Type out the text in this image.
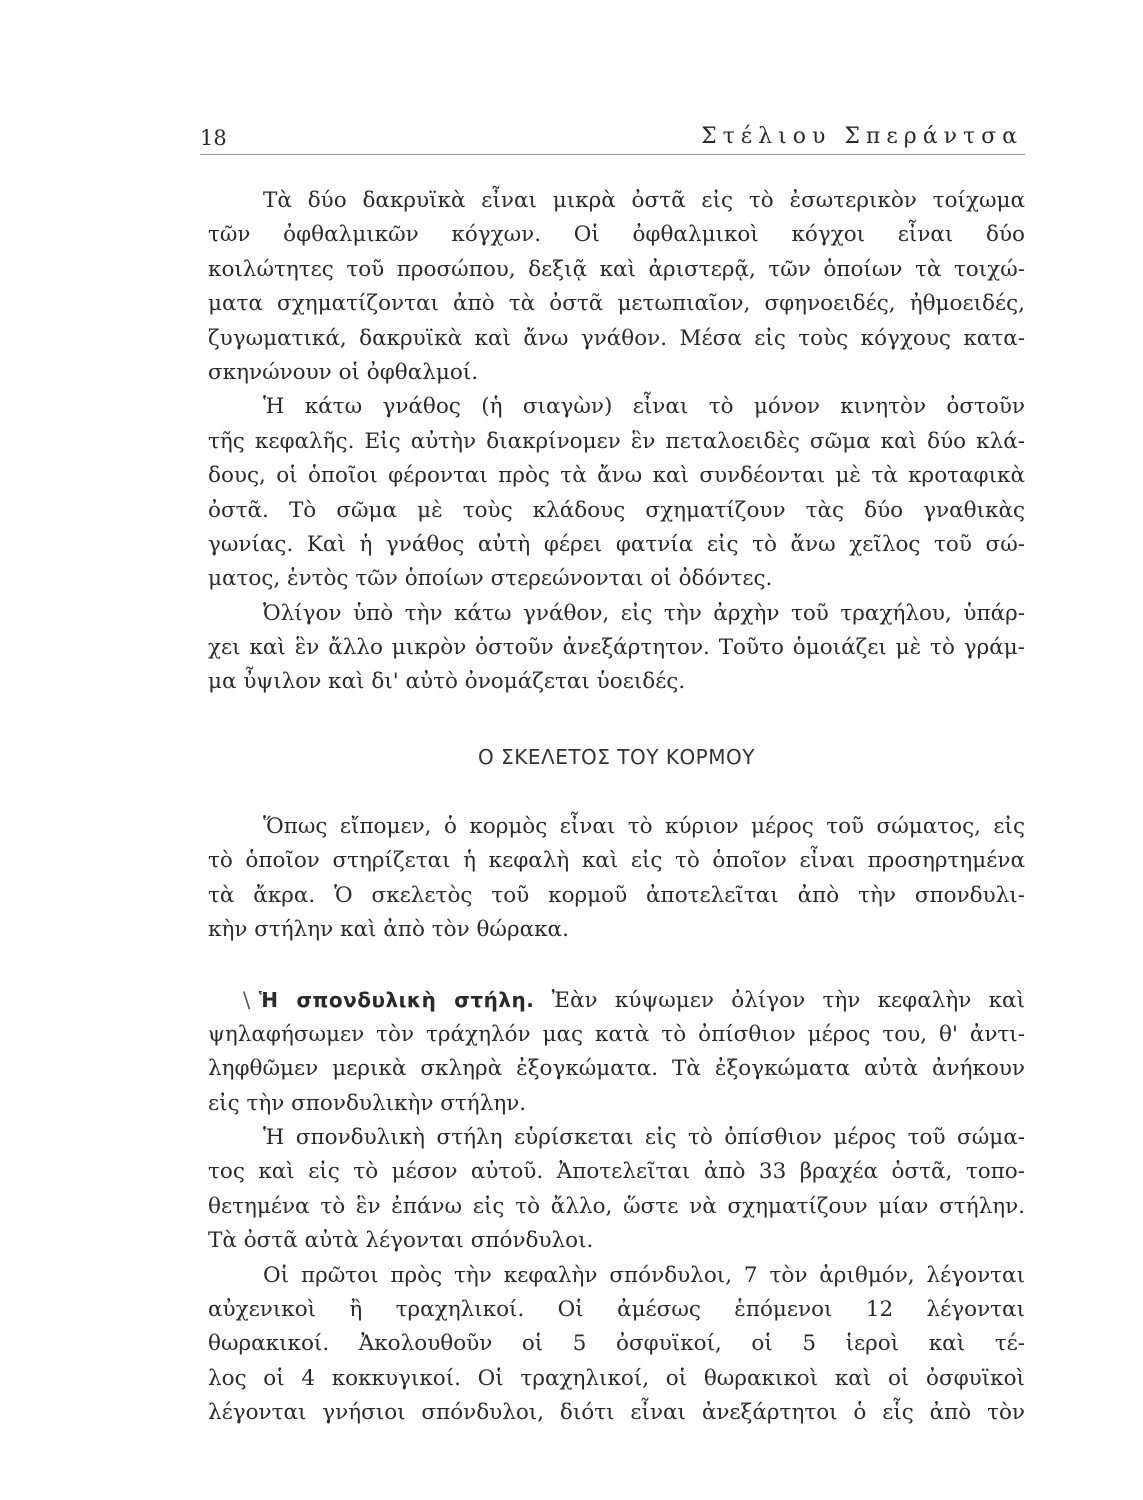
18	Στέλιου Σπεράντσα
Τὰ δύο δακρυϊκὰ εἶναι μικρὰ ὀστᾶ εἰς τὸ ἐσωτερικὸν τοίχωμα
τῶν ὀφθαλμικῶν κόγχων. Οἱ ὀφθαλμικοὶ κόγχοι εἶναι δύο
κοιλώτητες τοῦ προσώπου, δεξιᾷ καὶ ἀριστερᾷ, τῶν ὁποίων τὰ τοιχώ-
ματα σχηματίζονται ἀπὸ τὰ ὀστᾶ μετωπιαῖον, σφηνοειδές, ἠθμοειδές,
ζυγωματικά, δακρυϊκὰ καὶ ἄνω γνάθον. Μέσα εἰς τοὺς κόγχους κατα-
σκηνώνουν οἱ ὀφθαλμοί.
Ἡ κάτω γνάθος (ἡ σιαγὼν) εἶναι τὸ μόνον κινητὸν ὀστοῦν
τῆς κεφαλῆς. Εἰς αὐτὴν διακρίνομεν ἓν πεταλοειδὲς σῶμα καὶ δύο κλά-
δους, οἱ ὁποῖοι φέρονται πρὸς τὰ ἄνω καὶ συνδέονται μὲ τὰ κροταφικὰ
ὀστᾶ. Τὸ σῶμα μὲ τοὺς κλάδους σχηματίζουν τὰς δύο γναθικὰς
γωνίας. Καὶ ἡ γνάθος αὐτὴ φέρει φατνία εἰς τὸ ἄνω χεῖλος τοῦ σώ-
ματος, ἐντὸς τῶν ὁποίων στερεώνονται οἱ ὀδόντες.
Ὀλίγον ὑπὸ τὴν κάτω γνάθον, εἰς τὴν ἀρχὴν τοῦ τραχήλου, ὑπάρ-
χει καὶ ἓν ἄλλο μικρὸν ὀστοῦν ἀνεξάρτητον. Τοῦτο ὁμοιάζει μὲ τὸ γράμ-
μα ὖψιλον καὶ δι' αὐτὸ ὀνομάζεται ὑοειδές.
Ο ΣΚΕΛΕΤΟΣ ΤΟΥ ΚΟΡΜΟΥ
Ὅπως εἴπομεν, ὁ κορμὸς εἶναι τὸ κύριον μέρος τοῦ σώματος, εἰς
τὸ ὁποῖον στηρίζεται ἡ κεφαλὴ καὶ εἰς τὸ ὁποῖον εἶναι προσηρτημένα
τὰ ἄκρα. Ὁ σκελετὸς τοῦ κορμοῦ ἀποτελεῖται ἀπὸ τὴν σπονδυλι-
κὴν στήλην καὶ ἀπὸ τὸν θώρακα.
\ Ἡ σπονδυλικὴ στήλη. Ἐὰν κύψωμεν ὀλίγον τὴν κεφαλὴν καὶ
ψηλαφήσωμεν τὸν τράχηλόν μας κατὰ τὸ ὀπίσθιον μέρος του, θ' ἀντι-
ληφθῶμεν μερικὰ σκληρὰ ἐξογκώματα. Τὰ ἐξογκώματα αὐτὰ ἀνήκουν
εἰς τὴν σπονδυλικὴν στήλην.
Ἡ σπονδυλικὴ στήλη εὑρίσκεται εἰς τὸ ὀπίσθιον μέρος τοῦ σώμα-
τος καὶ εἰς τὸ μέσον αὐτοῦ. Ἀποτελεῖται ἀπὸ 33 βραχέα ὀστᾶ, τοπο-
θετημένα τὸ ἓν ἐπάνω εἰς τὸ ἄλλο, ὥστε νὰ σχηματίζουν μίαν στήλην.
Τὰ ὀστᾶ αὐτὰ λέγονται σπόνδυλοι.
Οἱ πρῶτοι πρὸς τὴν κεφαλὴν σπόνδυλοι, 7 τὸν ἀριθμόν, λέγονται
αὐχενικοὶ ἢ τραχηλικοί. Οἱ ἀμέσως ἑπόμενοι 12 λέγονται
θωρακικοί. Ἀκολουθοῦν οἱ 5 ὀσφυϊκοί, οἱ 5 ἱεροὶ καὶ τέ-
λος οἱ 4 κοκκυγικοί. Οἱ τραχηλικοί, οἱ θωρακικοὶ καὶ οἱ ὀσφυϊκοὶ
λέγονται γνήσιοι σπόνδυλοι, διότι εἶναι ἀνεξάρτητοι ὁ εἷς ἀπὸ τὸν
